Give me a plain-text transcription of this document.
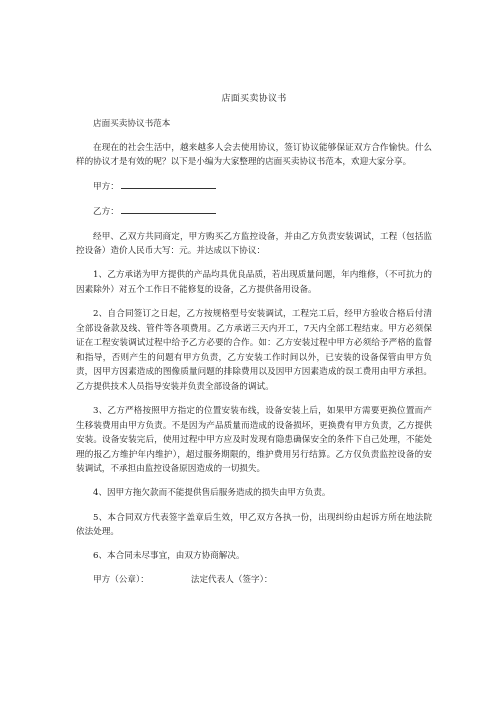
店面买卖协议书

店面买卖协议书范本

在现在的社会生活中，越来越多人会去使用协议，签订协议能够保证双方合作愉快。什么样的协议才是有效的呢？以下是小编为大家整理的店面买卖协议书范本，欢迎大家分享。

甲方：
乙方：

经甲、乙双方共同商定，甲方购买乙方监控设备，并由乙方负责安装调试，工程（包括监控设备）造价人民币大写：元。并达成以下协议：

1、乙方承诺为甲方提供的产品均具优良品质，若出现质量问题，年内维修，（不可抗力的因素除外）对五个工作日不能修复的设备，乙方提供备用设备。

2、自合同签订之日起，乙方按规格型号安装调试，工程完工后，经甲方验收合格后付清全部设备款及线、管件等各项费用。乙方承诺三天内开工，7天内全部工程结束。甲方必须保证在工程安装调试过程中给予乙方必要的合作。如：乙方安装过程中甲方必须给予严格的监督和指导，否则产生的问题有甲方负责，乙方安装工作时间以外，已安装的设备保管由甲方负责，因甲方因素造成的图像质量问题的排除费用以及因甲方因素造成的误工费用由甲方承担。乙方提供技术人员指导安装并负责全部设备的调试。

3、乙方严格按照甲方指定的位置安装布线，设备安装上后，如果甲方需要更换位置而产生移装费用由甲方负责。不是因为产品质量而造成的设备损坏，更换费有甲方负责，乙方提供安装。设备安装完后，使用过程中甲方应及时发现有隐患确保安全的条件下自己处理，不能处理的报乙方维护年内维护），超过服务期限的，维护费用另行结算。乙方仅负责监控设备的安装调试，不承担由监控设备原因造成的一切损失。

4、因甲方拖欠款而不能提供售后服务造成的损失由甲方负责。

5、本合同双方代表签字盖章后生效，甲乙双方各执一份，出现纠纷由起诉方所在地法院依法处理。

6、本合同未尽事宜，由双方协商解决。

甲方（公章）：	法定代表人（签字）：
